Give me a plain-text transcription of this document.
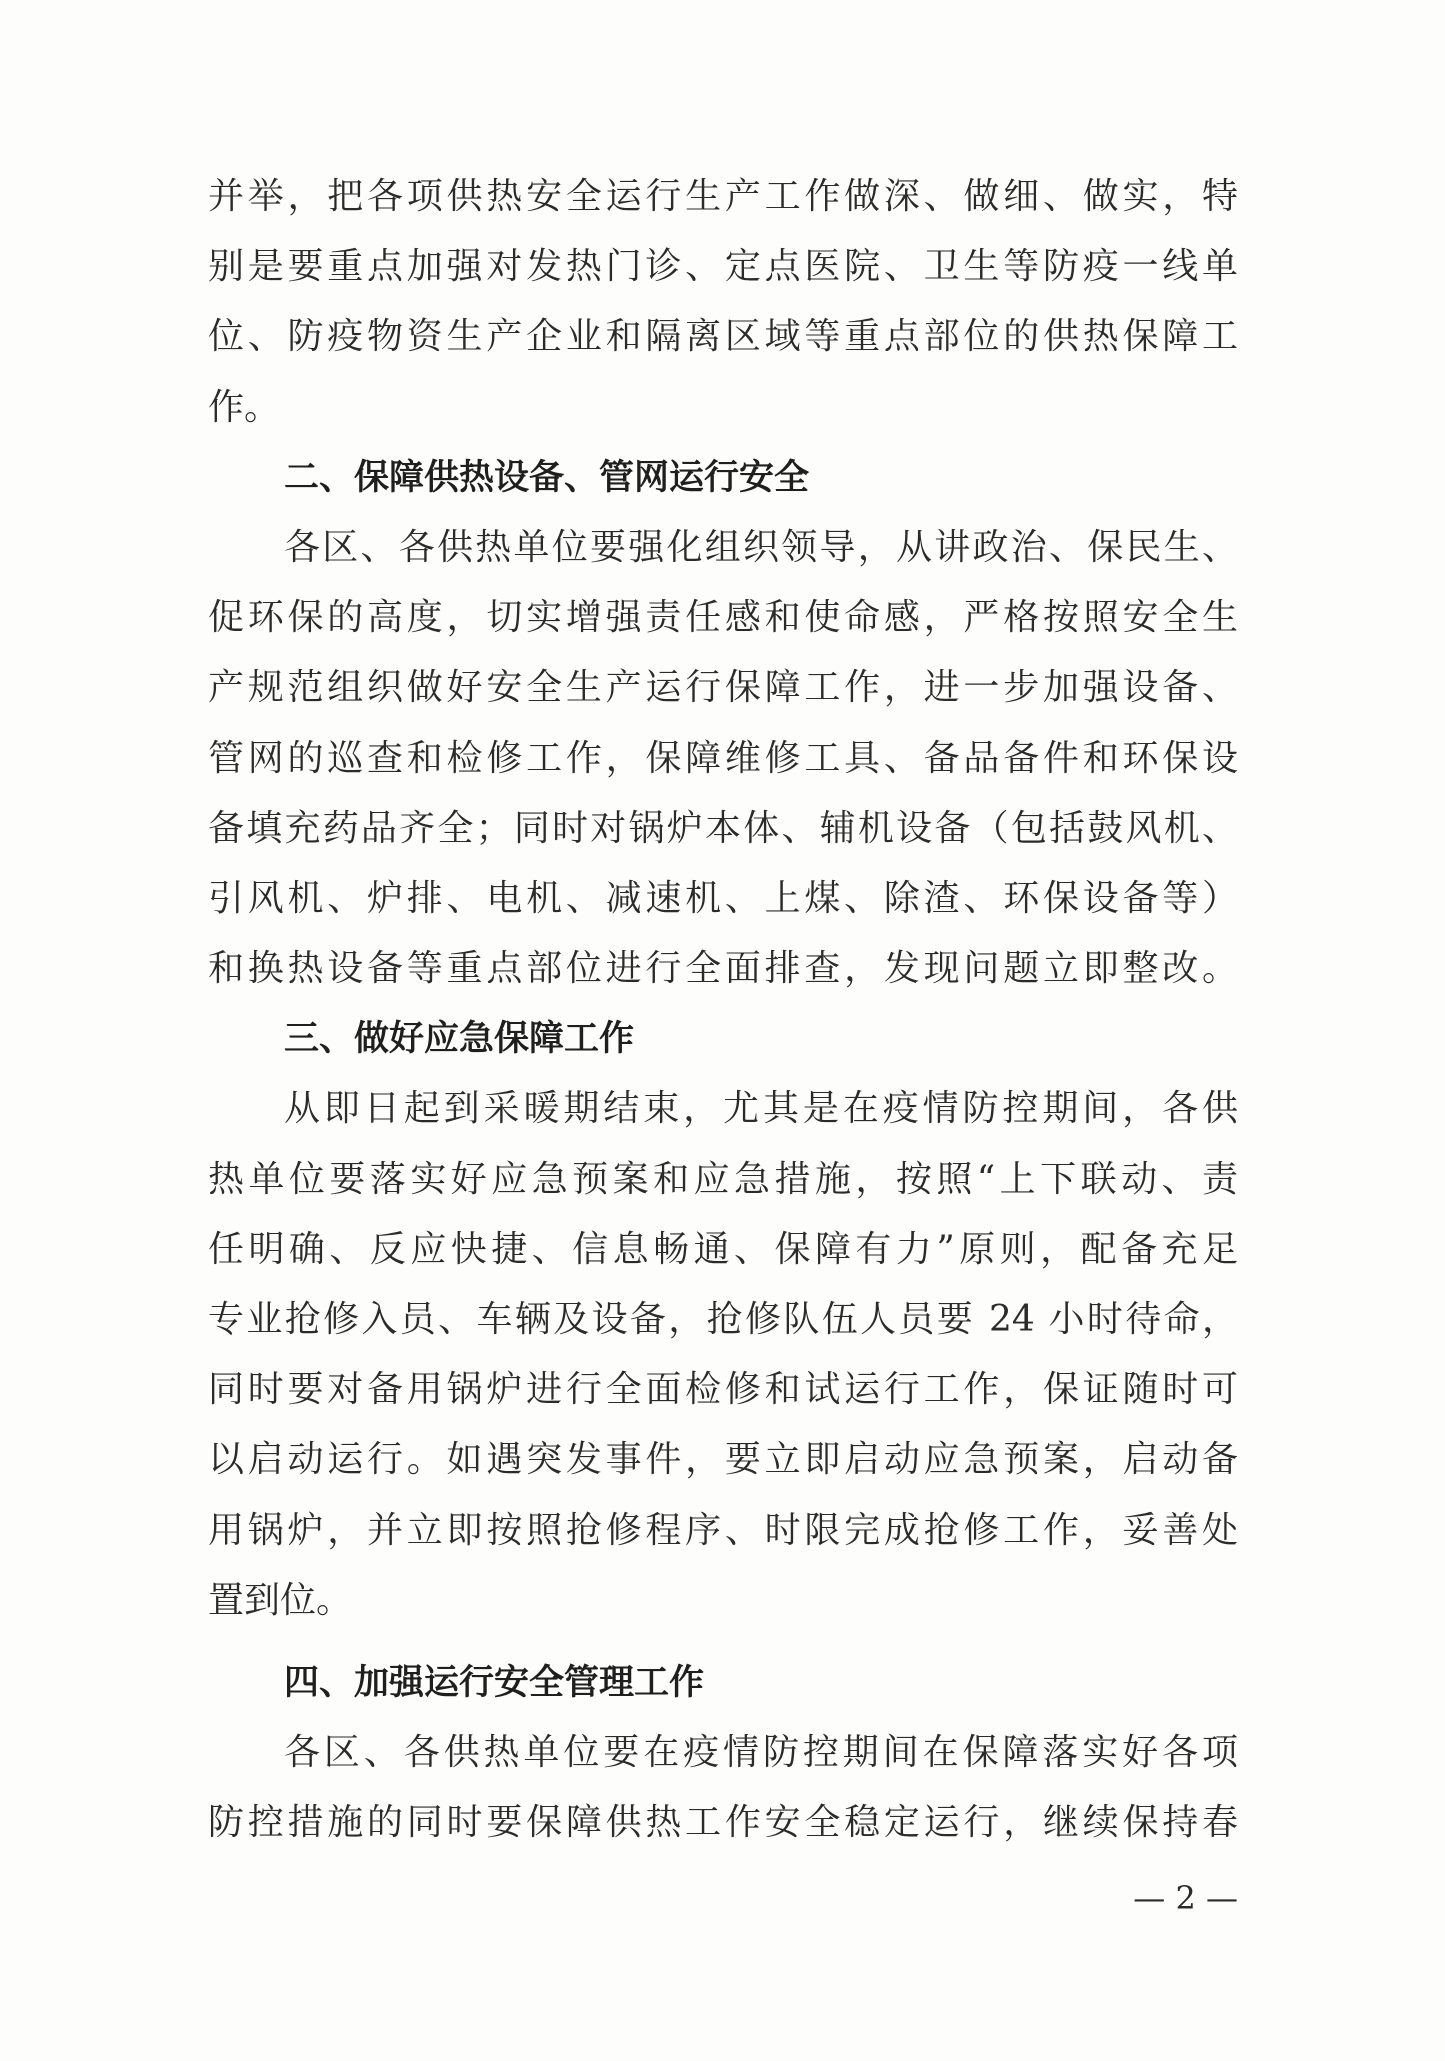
并举，把各项供热安全运行生产工作做深、做细、做实，特
别是要重点加强对发热门诊、定点医院、卫生等防疫一线单
位、防疫物资生产企业和隔离区域等重点部位的供热保障工
作。
二、保障供热设备、管网运行安全
各区、各供热单位要强化组织领导，从讲政治、保民生、
促环保的高度，切实增强责任感和使命感，严格按照安全生
产规范组织做好安全生产运行保障工作，进一步加强设备、
管网的巡查和检修工作，保障维修工具、备品备件和环保设
备填充药品齐全；同时对锅炉本体、辅机设备（包括鼓风机、
引风机、炉排、电机、减速机、上煤、除渣、环保设备等）
和换热设备等重点部位进行全面排查，发现问题立即整改。
三、做好应急保障工作
从即日起到采暖期结束，尤其是在疫情防控期间，各供
热单位要落实好应急预案和应急措施，按照“上下联动、责
任明确、反应快捷、信息畅通、保障有力”原则，配备充足
专业抢修入员、车辆及设备，抢修队伍人员要 24 小时待命，
同时要对备用锅炉进行全面检修和试运行工作，保证随时可
以启动运行。如遇突发事件，要立即启动应急预案，启动备
用锅炉，并立即按照抢修程序、时限完成抢修工作，妥善处
置到位。
四、加强运行安全管理工作
各区、各供热单位要在疫情防控期间在保障落实好各项
防控措施的同时要保障供热工作安全稳定运行，继续保持春
— 2 —
